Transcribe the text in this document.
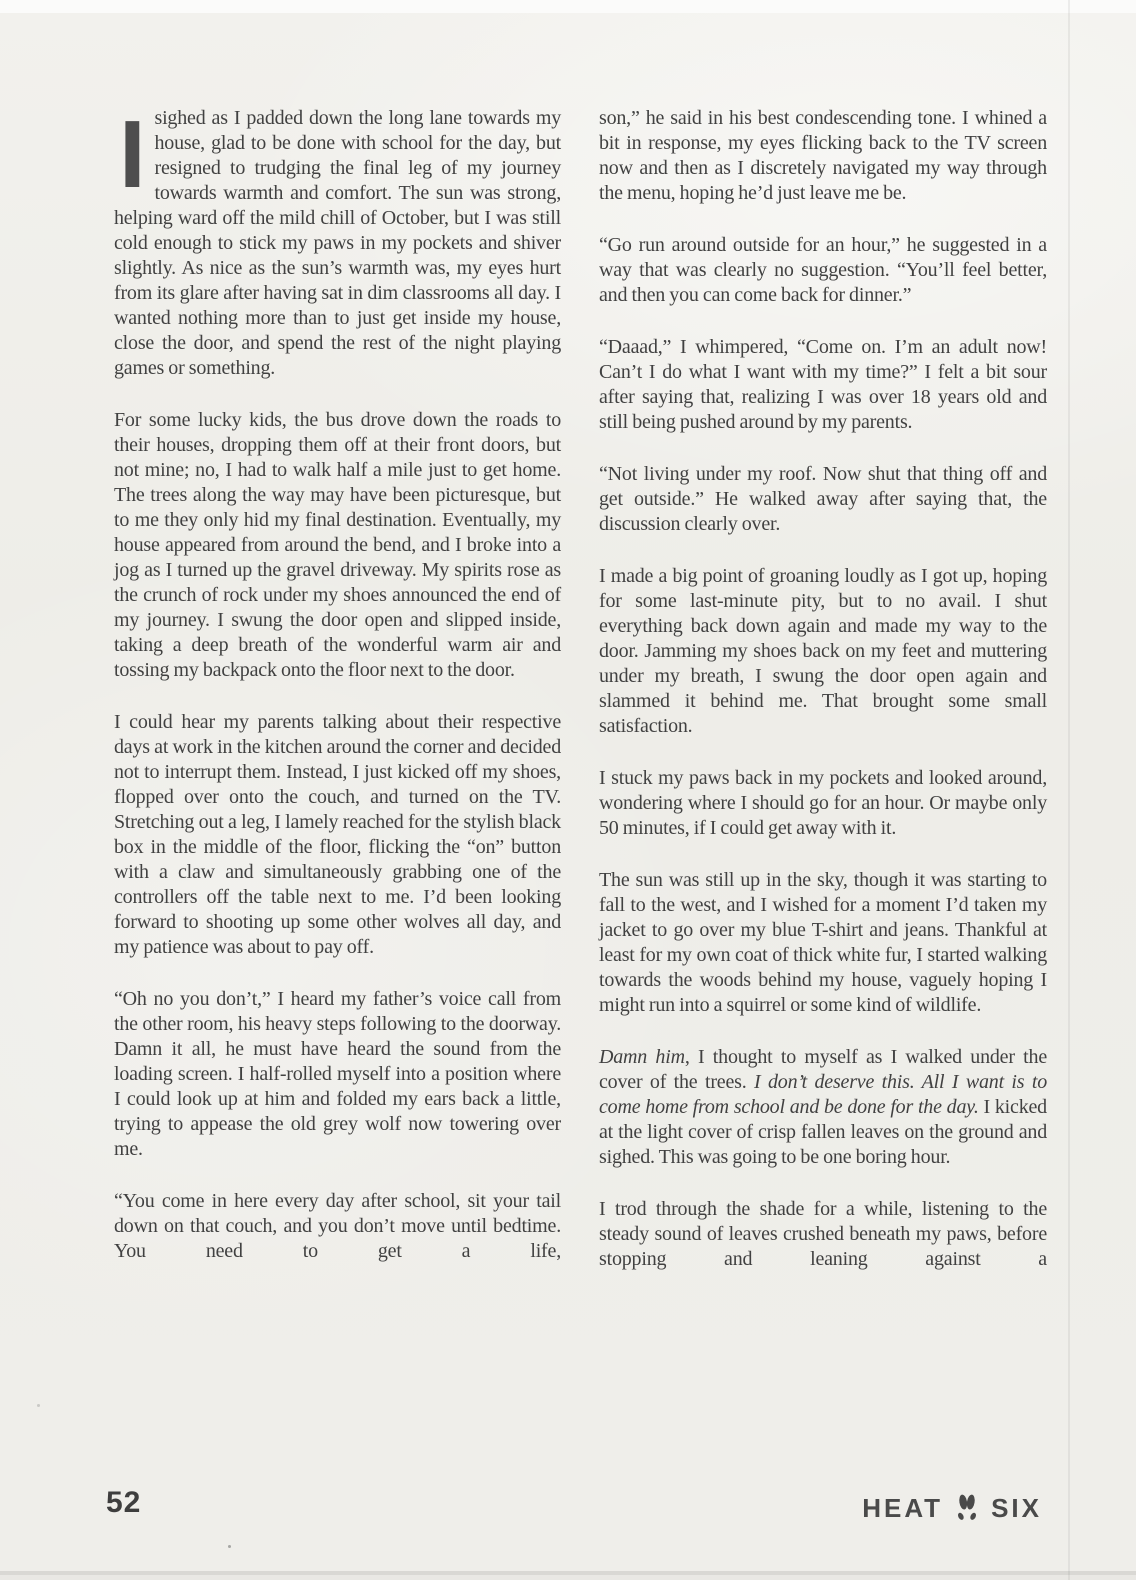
Isighed as I padded down the long lane towards my house, glad to be done with school for the day, but resigned to trudging the final leg of my journey towards warmth and comfort. The sun was strong, helping ward off the mild chill of October, but I was still cold enough to stick my paws in my pockets and shiver slightly. As nice as the sun’s warmth was, my eyes hurt from its glare after having sat in dim classrooms all day. I wanted nothing more than to just get inside my house, close the door, and spend the rest of the night playing games or something.

For some lucky kids, the bus drove down the roads to their houses, dropping them off at their front doors, but not mine; no, I had to walk half a mile just to get home. The trees along the way may have been picturesque, but to me they only hid my final destination. Eventually, my house appeared from around the bend, and I broke into a jog as I turned up the gravel driveway. My spirits rose as the crunch of rock under my shoes announced the end of my journey. I swung the door open and slipped inside, taking a deep breath of the wonderful warm air and tossing my backpack onto the floor next to the door.

I could hear my parents talking about their respective days at work in the kitchen around the corner and decided not to interrupt them. Instead, I just kicked off my shoes, flopped over onto the couch, and turned on the TV. Stretching out a leg, I lamely reached for the stylish black box in the middle of the floor, flicking the “on” button with a claw and simultaneously grabbing one of the controllers off the table next to me. I’d been looking forward to shooting up some other wolves all day, and my patience was about to pay off.

“Oh no you don’t,” I heard my father’s voice call from the other room, his heavy steps following to the doorway. Damn it all, he must have heard the sound from the loading screen. I half-rolled myself into a position where I could look up at him and folded my ears back a little, trying to appease the old grey wolf now towering over me.

“You come in here every day after school, sit your tail down on that couch, and you don’t move until bedtime. You need to get a life,

son,” he said in his best condescending tone. I whined a bit in response, my eyes flicking back to the TV screen now and then as I discretely navigated my way through the menu, hoping he’d just leave me be.

“Go run around outside for an hour,” he suggested in a way that was clearly no suggestion. “You’ll feel better, and then you can come back for dinner.”

“Daaad,” I whimpered, “Come on. I’m an adult now! Can’t I do what I want with my time?” I felt a bit sour after saying that, realizing I was over 18 years old and still being pushed around by my parents.

“Not living under my roof. Now shut that thing off and get outside.” He walked away after saying that, the discussion clearly over.

I made a big point of groaning loudly as I got up, hoping for some last-minute pity, but to no avail. I shut everything back down again and made my way to the door. Jamming my shoes back on my feet and muttering under my breath, I swung the door open again and slammed it behind me. That brought some small satisfaction.

I stuck my paws back in my pockets and looked around, wondering where I should go for an hour. Or maybe only 50 minutes, if I could get away with it.

The sun was still up in the sky, though it was starting to fall to the west, and I wished for a moment I’d taken my jacket to go over my blue T-shirt and jeans. Thankful at least for my own coat of thick white fur, I started walking towards the woods behind my house, vaguely hoping I might run into a squirrel or some kind of wildlife.

Damn him, I thought to myself as I walked under the cover of the trees. I don’t deserve this. All I want is to come home from school and be done for the day. I kicked at the light cover of crisp fallen leaves on the ground and sighed. This was going to be one boring hour.

I trod through the shade for a while, listening to the steady sound of leaves crushed beneath my paws, before stopping and leaning against a

52	HEAT SIX
